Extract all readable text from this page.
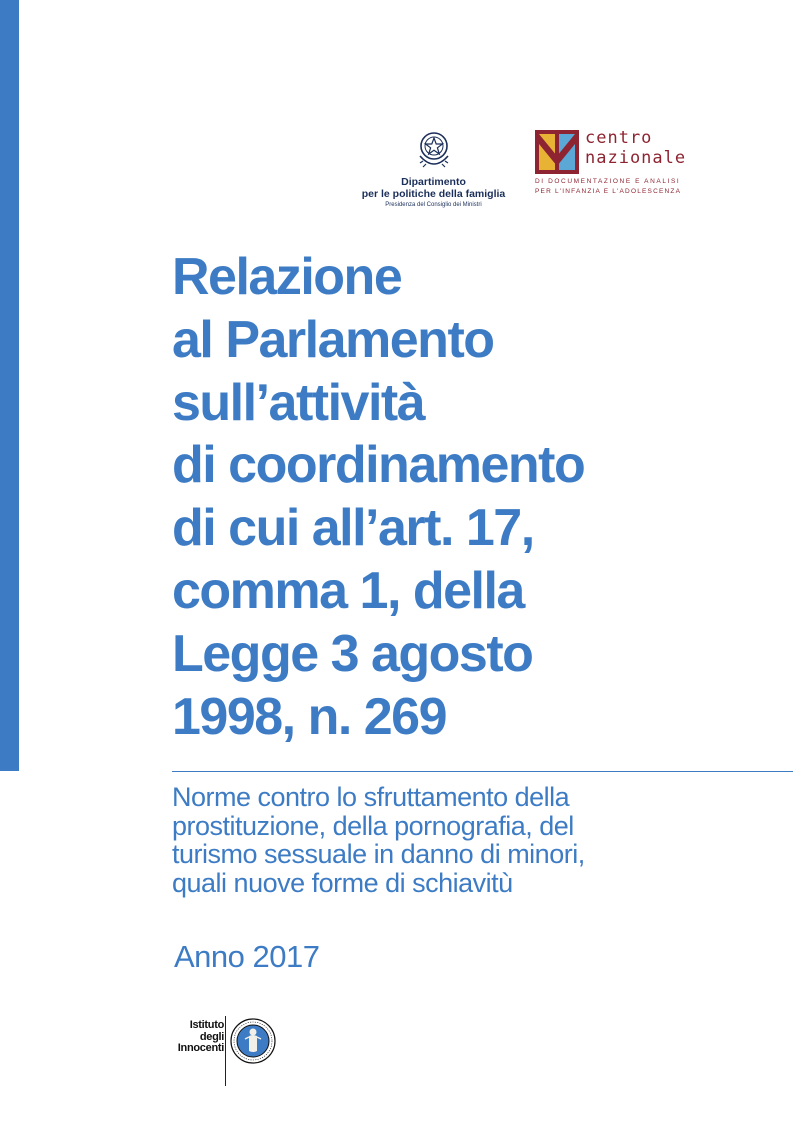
Dipartimento
per le politiche della famiglia
Presidenza del Consiglio dei Ministri
centro
nazionale
DI DOCUMENTAZIONE E ANALISI
PER L'INFANZIA E L'ADOLESCENZA
Relazione
al Parlamento
sull’attività
di coordinamento
di cui all’art. 17,
comma 1, della
Legge 3 agosto
1998, n. 269
Norme contro lo sfruttamento della
prostituzione, della pornografia, del
turismo sessuale in danno di minori,
quali nuove forme di schiavitù
Anno 2017
Istituto
degli
Innocenti
